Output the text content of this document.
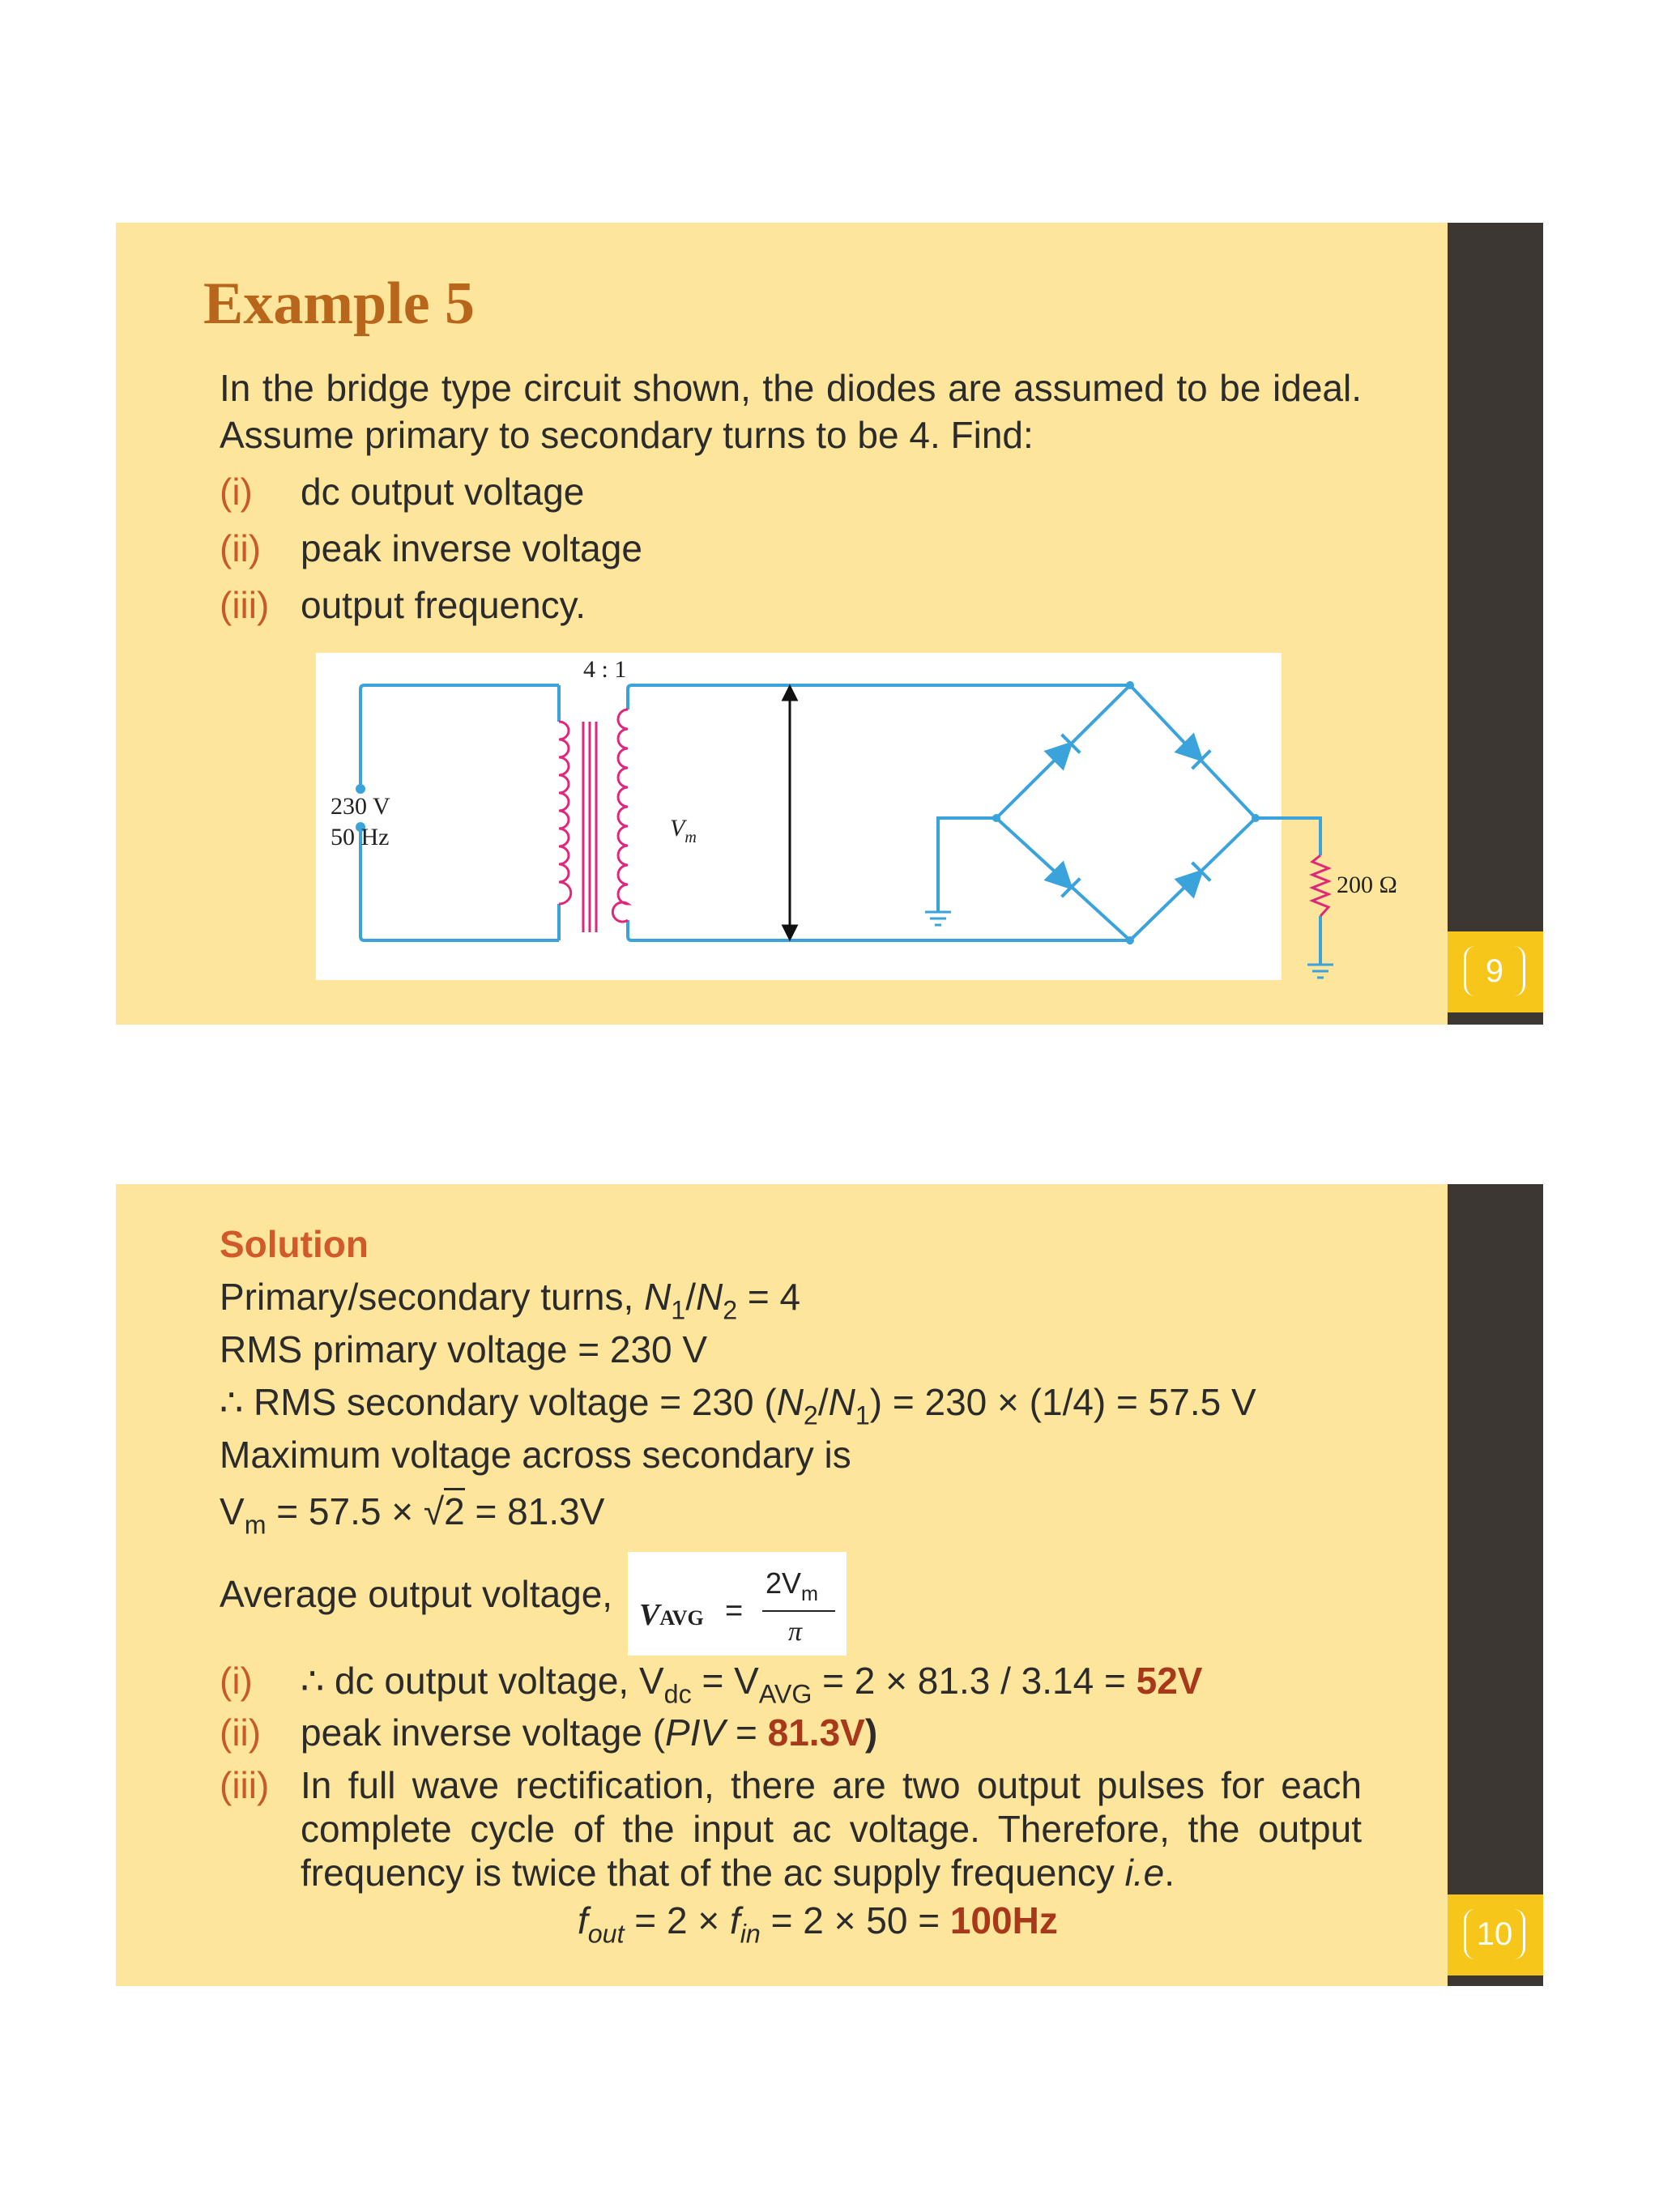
9
Example 5
In the bridge type circuit shown, the diodes are assumed to be ideal. Assume primary to secondary turns to be 4. Find:
(i) dc output voltage
(ii) peak inverse voltage
(iii) output frequency.
4 : 1
230 V
50 Hz	$V_m$
200 Ω
10
Solution
Primary/secondary turns, $N_1/N_2 = 4$
RMS primary voltage = 230 V
∴ RMS secondary voltage = 230 $(N_2/N_1) = 230 \times (1/4) = 57.5$ V
Maximum voltage across secondary is
$V_m = 57.5 \times √2 = 81.3V$
Average output voltage, VAVG =
$2V_m$
π
(i) ∴ dc output voltage, $V_{dc} = V_{AVG} = 2 \times 81.3 / 3.14 = 52V$
(ii) peak inverse voltage (PIV = 81.3V)
(iii) In full wave rectification, there are two output pulses for each complete cycle of the input ac voltage. Therefore, the output frequency is twice that of the ac supply frequency i.e.
$f_{out} = 2 \times f_{in} = 2 \times 50 = 100Hz$
